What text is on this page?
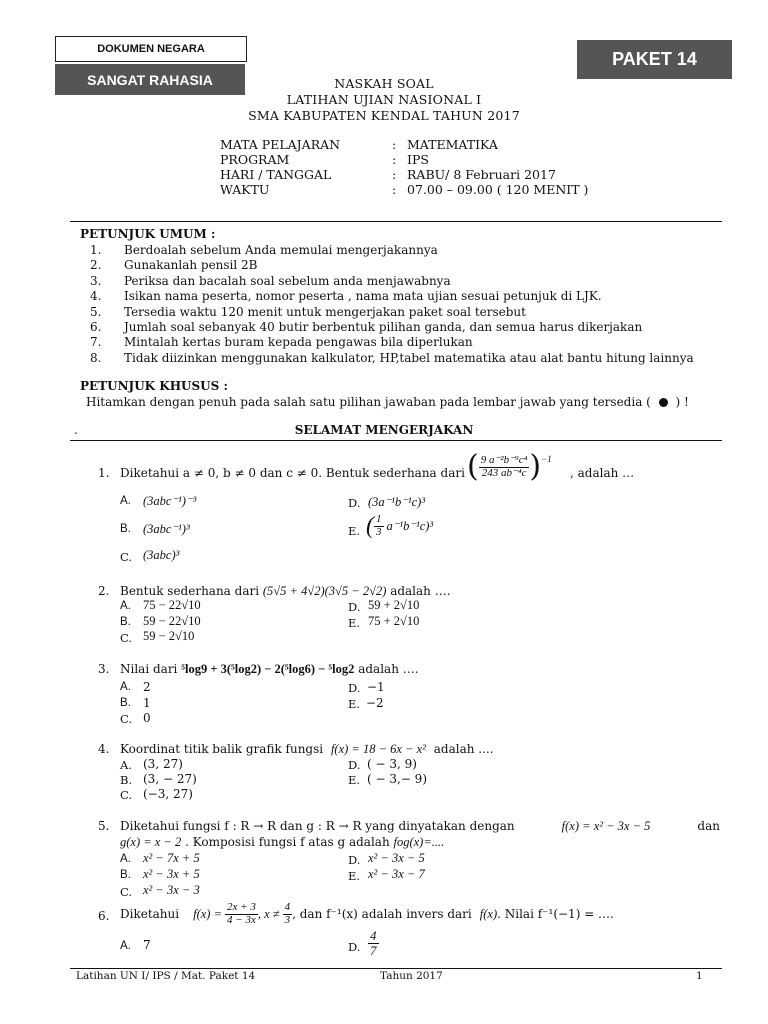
DOKUMEN NEGARA
SANGAT RAHASIA
PAKET 14
NASKAH SOAL
LATIHAN UJIAN NASIONAL I
SMA KABUPATEN KENDAL TAHUN 2017
MATA PELAJARAN	: MATEMATIKA
PROGRAM	: IPS
HARI / TANGGAL	: RABU/ 8 Februari 2017
WAKTU	: 07.00 – 09.00 ( 120 MENIT )
PETUNJUK UMUM :
1.	Berdoalah sebelum Anda memulai mengerjakannya
2.	Gunakanlah pensil 2B
3.	Periksa dan bacalah soal sebelum anda menjawabnya
4.	Isikan nama peserta, nomor peserta , nama mata ujian sesuai petunjuk di LJK.
5.	Tersedia waktu 120 menit untuk mengerjakan paket soal tersebut
6.	Jumlah soal sebanyak 40 butir berbentuk pilihan ganda, dan semua harus dikerjakan
7.	Mintalah kertas buram kepada pengawas bila diperlukan
8.	Tidak diizinkan menggunakan kalkulator, HP,tabel matematika atau alat bantu hitung lainnya
PETUNJUK KHUSUS :
Hitamkan dengan penuh pada salah satu pilihan jawaban pada lembar jawab yang tersedia ( ) !
.	SELAMAT MENGERJAKAN
1. Diketahui a ≠ 0, b ≠ 0 dan c ≠ 0. Bentuk sederhana dari ( $\frac{\text{9 a⁻²b⁻⁹c⁴}}{\text{243 ab⁻⁴c}}$ ) −1
, adalah …
A. (3abc⁻¹)⁻³	D. (3a⁻¹b⁻¹c)³
B. (3abc⁻¹)³	E. ( $\frac{1}{3} a^{-1}b^{-1}c)^3$
C. (3abc)³
2. Bentuk sederhana dari (5√5 + 4√2)(3√5 − 2√2) adalah ….
A. 75 − 22√10	D. 59 + 2√10
B. 59 − 22√10	E. 75 + 2√10
C. 59 − 2√10
3. Nilai dari ⁵log9 + 3(⁵log2) − 2(⁵log6) − ⁵log2 adalah ….
A. 2	D. −1
B. 1	E. −2
C. 0
4. Koordinat titik balik grafik fungsi f(x) = 18 − 6x − x² adalah ....
A. (3, 27)	D. ( − 3, 9)
B. (3, − 27)	E. ( − 3,− 9)
C. (−3, 27)
5. Diketahui fungsi f : R → R dan g : R → R yang dinyatakan dengan	f(x) = x² − 3x − 5	dan
g(x) = x − 2 . Komposisi fungsi f atas g adalah fog(x)=....
A. x² − 7x + 5	D. x² − 3x − 5
B. x² − 3x + 5	E. x² − 3x − 7
C. x² − 3x − 3
6. Diketahui $f(x) = \frac{2x + 3}{4 - 3x}$ , $x \ne \frac{4}{3}$ , dan f⁻¹(x) adalah invers dari f(x) . Nilai f⁻¹(−1) = ….
A. 7	D. $\frac{4}{7}$
Latihan UN I/ IPS / Mat. Paket 14	Tahun 2017	1
